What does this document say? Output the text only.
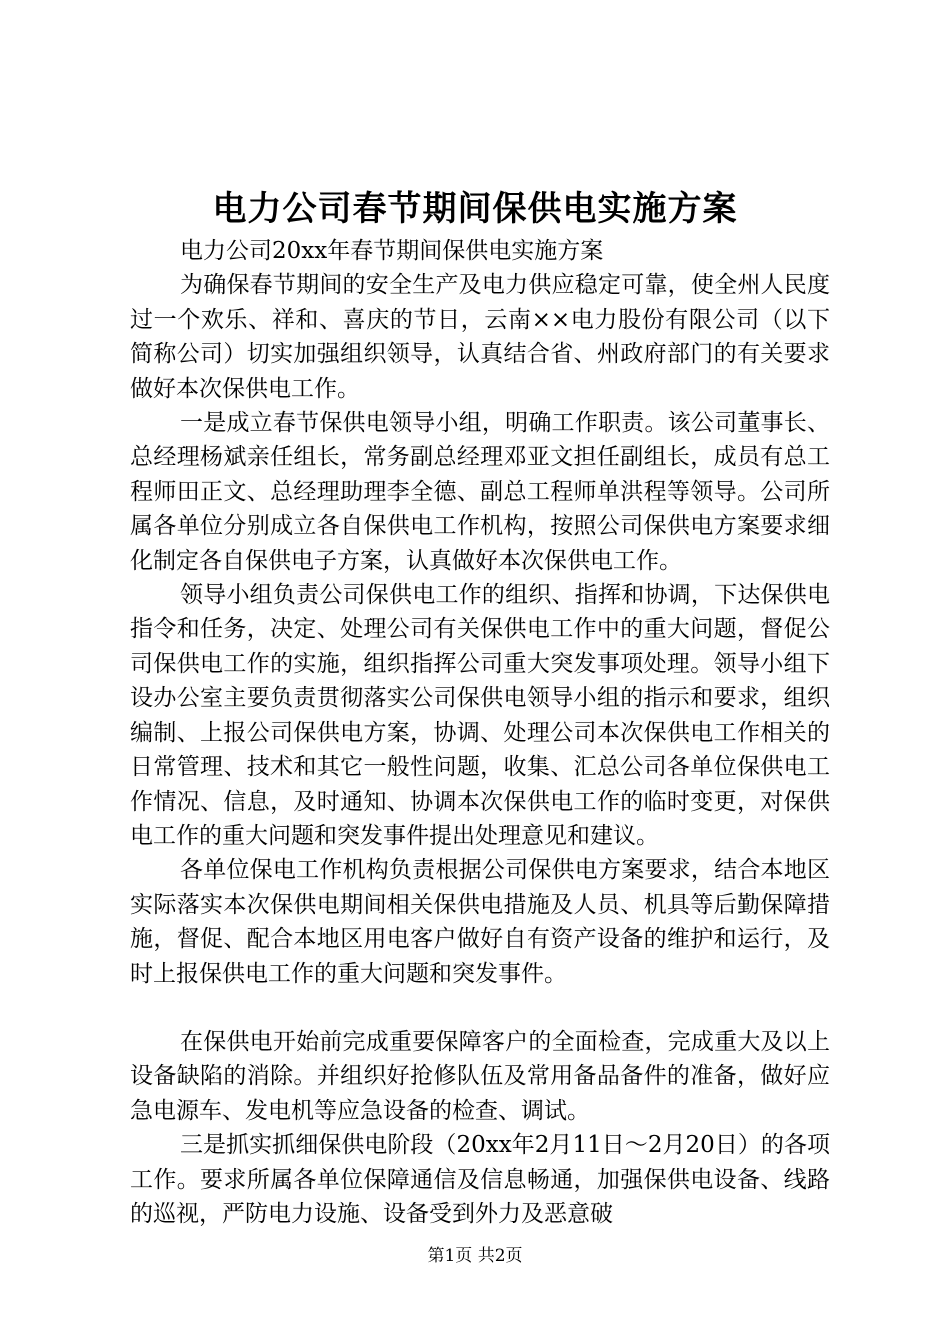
电力公司春节期间保供电实施方案

电力公司20xx年春节期间保供电实施方案

为确保春节期间的安全生产及电力供应稳定可靠，使全州人民度过一个欢乐、祥和、喜庆的节日，云南××电力股份有限公司（以下简称公司）切实加强组织领导，认真结合省、州政府部门的有关要求做好本次保供电工作。

一是成立春节保供电领导小组，明确工作职责。该公司董事长、总经理杨斌亲任组长，常务副总经理邓亚文担任副组长，成员有总工程师田正文、总经理助理李全德、副总工程师单洪程等领导。公司所属各单位分别成立各自保供电工作机构，按照公司保供电方案要求细化制定各自保供电子方案，认真做好本次保供电工作。

领导小组负责公司保供电工作的组织、指挥和协调，下达保供电指令和任务，决定、处理公司有关保供电工作中的重大问题，督促公司保供电工作的实施，组织指挥公司重大突发事项处理。领导小组下设办公室主要负责贯彻落实公司保供电领导小组的指示和要求，组织编制、上报公司保供电方案，协调、处理公司本次保供电工作相关的日常管理、技术和其它一般性问题，收集、汇总公司各单位保供电工作情况、信息，及时通知、协调本次保供电工作的临时变更，对保供电工作的重大问题和突发事件提出处理意见和建议。

各单位保电工作机构负责根据公司保供电方案要求，结合本地区实际落实本次保供电期间相关保供电措施及人员、机具等后勤保障措施，督促、配合本地区用电客户做好自有资产设备的维护和运行，及时上报保供电工作的重大问题和突发事件。

在保供电开始前完成重要保障客户的全面检查，完成重大及以上设备缺陷的消除。并组织好抢修队伍及常用备品备件的准备，做好应急电源车、发电机等应急设备的检查、调试。

三是抓实抓细保供电阶段（20xx年2月11日～2月20日）的各项工作。要求所属各单位保障通信及信息畅通，加强保供电设备、线路的巡视，严防电力设施、设备受到外力及恶意破

第1页 共2页
